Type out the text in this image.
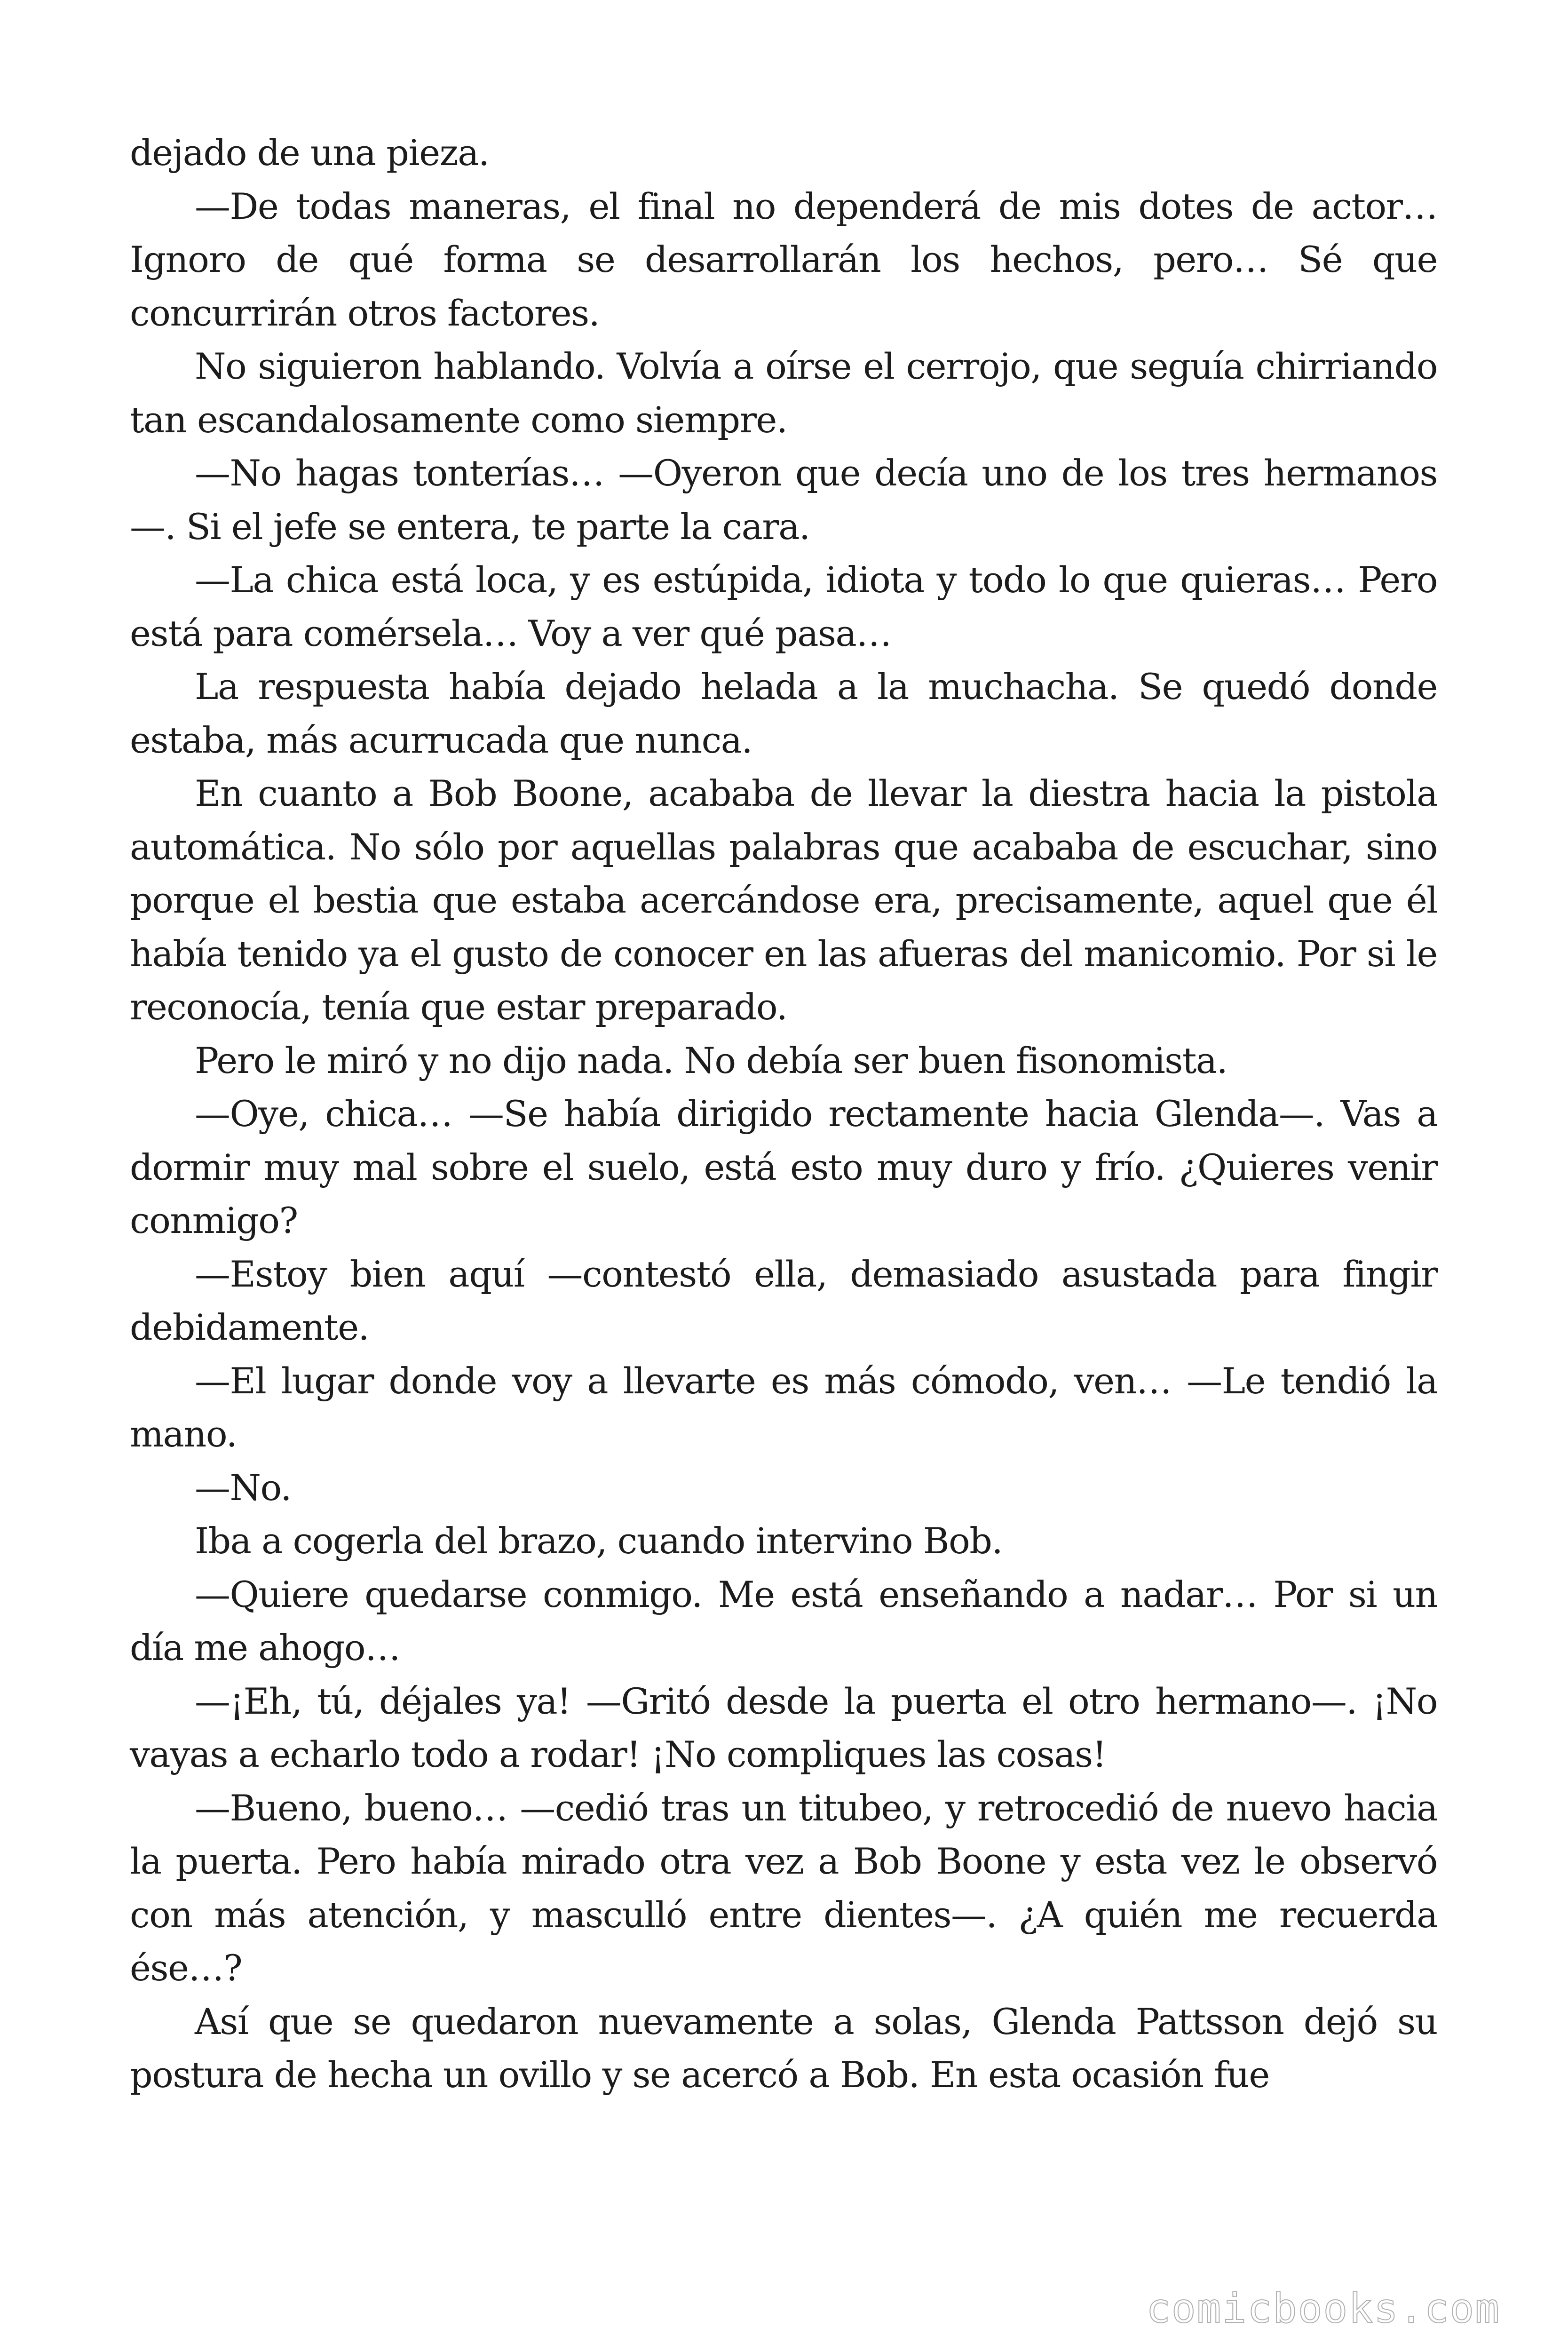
dejado de una pieza.

—De todas maneras, el final no dependerá de mis dotes de actor… Ignoro de qué forma se desarrollarán los hechos, pero… Sé que concurrirán otros factores.

No siguieron hablando. Volvía a oírse el cerrojo, que seguía chirriando tan escandalosamente como siempre.

—No hagas tonterías… —Oyeron que decía uno de los tres hermanos—. Si el jefe se entera, te parte la cara.

—La chica está loca, y es estúpida, idiota y todo lo que quieras… Pero está para comérsela… Voy a ver qué pasa…

La respuesta había dejado helada a la muchacha. Se quedó donde estaba, más acurrucada que nunca.

En cuanto a Bob Boone, acababa de llevar la diestra hacia la pistola automática. No sólo por aquellas palabras que acababa de escuchar, sino porque el bestia que estaba acercándose era, precisamente, aquel que él había tenido ya el gusto de conocer en las afueras del manicomio. Por si le reconocía, tenía que estar preparado.

Pero le miró y no dijo nada. No debía ser buen fisonomista.

—Oye, chica… —Se había dirigido rectamente hacia Glenda—. Vas a dormir muy mal sobre el suelo, está esto muy duro y frío. ¿Quieres venir conmigo?

—Estoy bien aquí —contestó ella, demasiado asustada para fingir debidamente.

—El lugar donde voy a llevarte es más cómodo, ven… —Le tendió la mano.

—No.

Iba a cogerla del brazo, cuando intervino Bob.

—Quiere quedarse conmigo. Me está enseñando a nadar… Por si un día me ahogo…

—¡Eh, tú, déjales ya! —Gritó desde la puerta el otro hermano—. ¡No vayas a echarlo todo a rodar! ¡No compliques las cosas!

—Bueno, bueno… —cedió tras un titubeo, y retrocedió de nuevo hacia la puerta. Pero había mirado otra vez a Bob Boone y esta vez le observó con más atención, y masculló entre dientes—. ¿A quién me recuerda ése…?

Así que se quedaron nuevamente a solas, Glenda Pattsson dejó su postura de hecha un ovillo y se acercó a Bob. En esta ocasión fue

comicbooks.com
